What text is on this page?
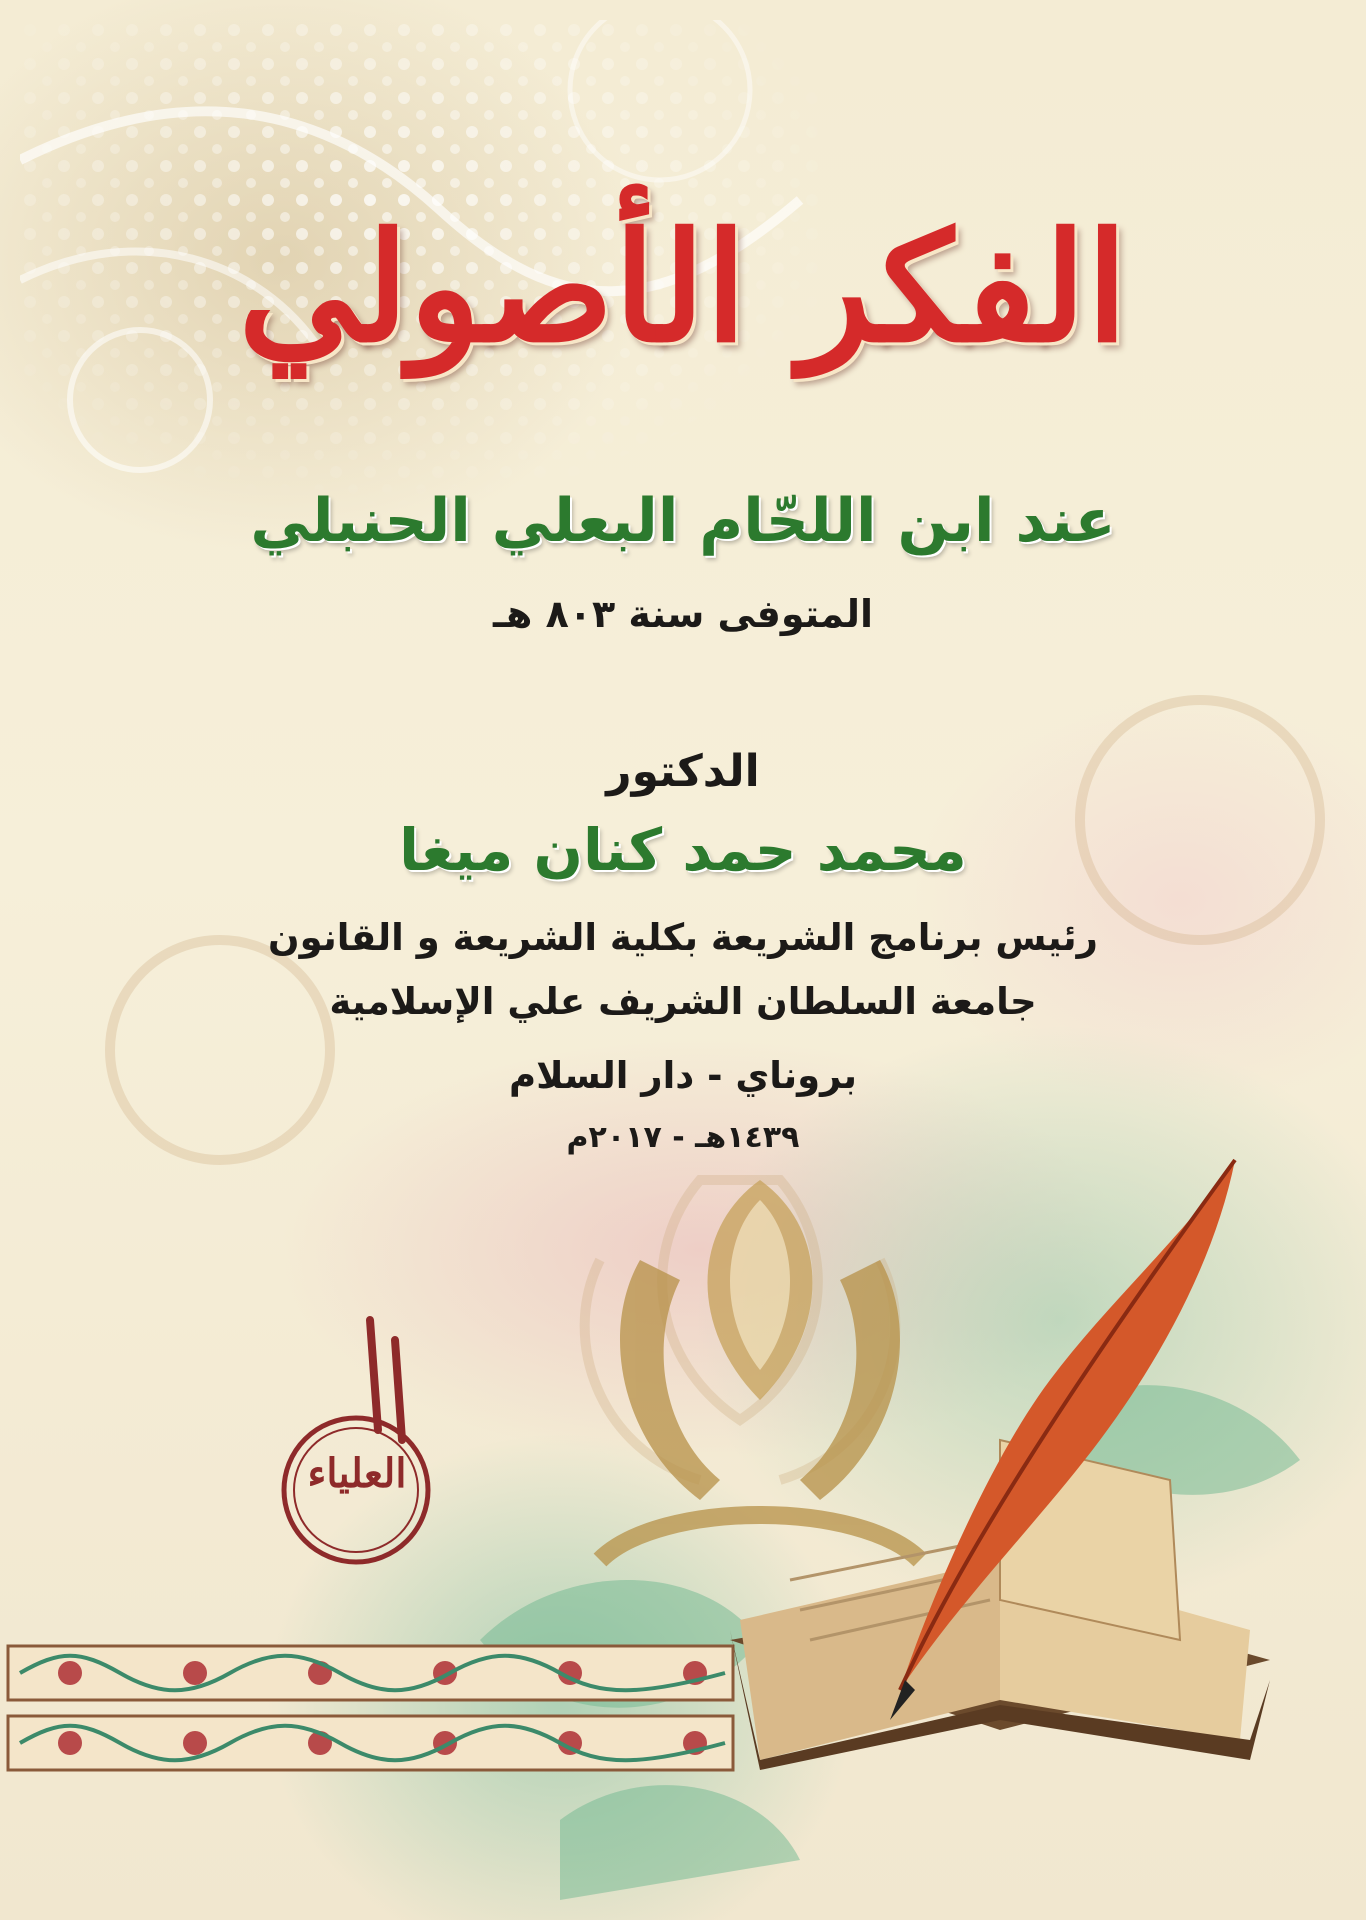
العلياء
الفكر الأصولي
عند ابن اللحّام البعلي الحنبلي
المتوفى سنة ٨٠٣ هـ
الدكتور
محمد حمد كنان ميغا
رئيس برنامج الشريعة بكلية الشريعة و القانون
جامعة السلطان الشريف علي الإسلامية
بروناي - دار السلام
١٤٣٩هـ - ٢٠١٧م
